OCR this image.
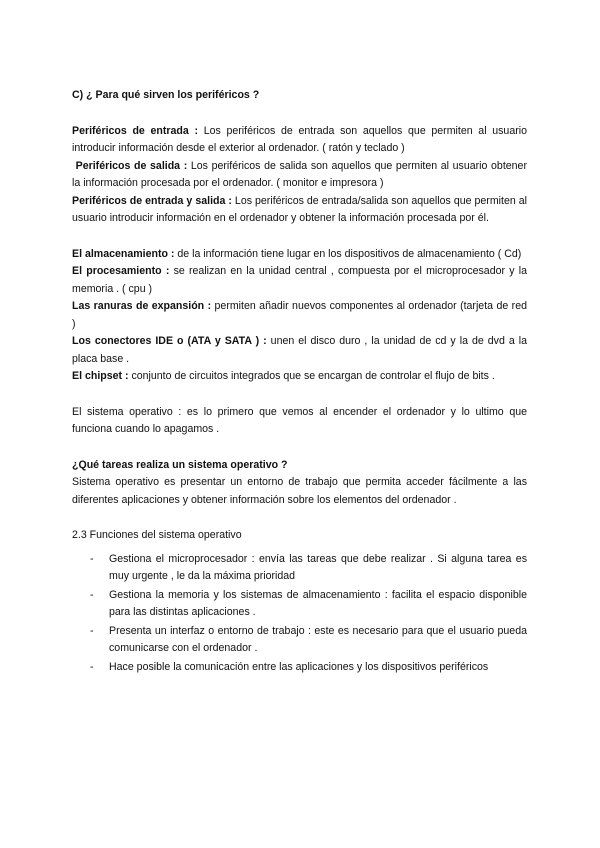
C) ¿ Para qué sirven los periféricos ?

Periféricos de entrada : Los periféricos de entrada son aquellos que permiten al usuario introducir información desde el exterior al ordenador. ( ratón y teclado )

Periféricos de salida : Los periféricos de salida son aquellos que permiten al usuario obtener la información procesada por el ordenador. ( monitor e impresora )

Periféricos de entrada y salida : Los periféricos de entrada/salida son aquellos que permiten al usuario introducir información en el ordenador y obtener la información procesada por él.

El almacenamiento : de la información tiene lugar en los dispositivos de almacenamiento ( Cd)

El procesamiento : se realizan en la unidad central , compuesta por el microprocesador y la memoria . ( cpu )

Las ranuras de expansión : permiten añadir nuevos componentes al ordenador (tarjeta de red )

Los conectores IDE o (ATA y SATA ) : unen el disco duro , la unidad de cd y la de dvd a la placa base .

El chipset : conjunto de circuitos integrados que se encargan de controlar el flujo de bits .

El sistema operativo : es lo primero que vemos al encender el ordenador y lo ultimo que funciona cuando lo apagamos .

¿Qué tareas realiza un sistema operativo ?

Sistema operativo es presentar un entorno de trabajo que permita acceder fácilmente a las diferentes aplicaciones y obtener información sobre los elementos del ordenador .

2.3 Funciones del sistema operativo

- Gestiona el microprocesador : envía las tareas que debe realizar . Si alguna tarea es muy urgente , le da la máxima prioridad
- Gestiona la memoria y los sistemas de almacenamiento : facilita el espacio disponible para las distintas aplicaciones .
- Presenta un interfaz o entorno de trabajo : este es necesario para que el usuario pueda comunicarse con el ordenador .
- Hace posible la comunicación entre las aplicaciones y los dispositivos periféricos
